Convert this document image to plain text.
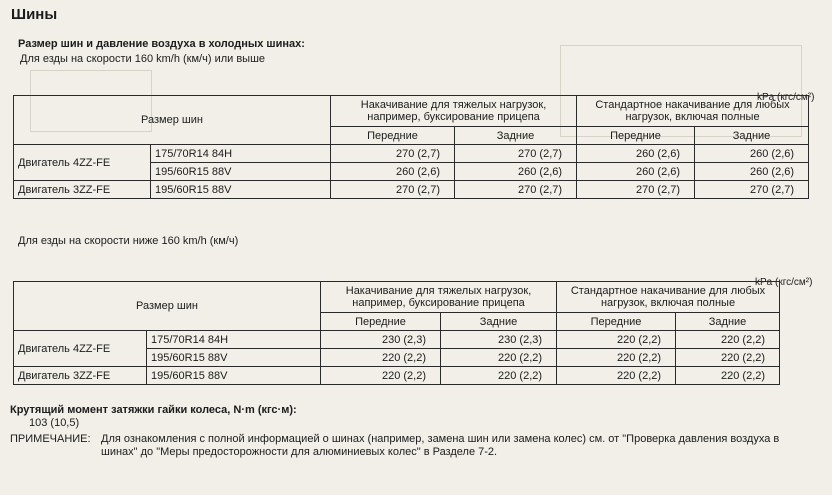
Шины
Размер шин и давление воздуха в холодных шинах:
Для езды на скорости 160 km/h (км/ч) или выше
kPa (кгс/см²)
Размер шин		Накачивание для тяжелых нагрузок, например, буксирование прицепа		Стандартное накачивание для любых нагрузок, включая полные	
		Передние	Задние	Передние	Задние
Двигатель 4ZZ-FE	175/70R14 84H	270 (2,7)	270 (2,7)	260 (2,6)	260 (2,6)
	195/60R15 88V	260 (2,6)	260 (2,6)	260 (2,6)	260 (2,6)
Двигатель 3ZZ-FE	195/60R15 88V	270 (2,7)	270 (2,7)	270 (2,7)	270 (2,7)
Для езды на скорости ниже 160 km/h (км/ч)
kPa (кгс/см²)
Размер шин		Накачивание для тяжелых нагрузок, например, буксирование прицепа		Стандартное накачивание для любых нагрузок, включая полные	
		Передние	Задние	Передние	Задние
Двигатель 4ZZ-FE	175/70R14 84H	230 (2,3)	230 (2,3)	220 (2,2)	220 (2,2)
	195/60R15 88V	220 (2,2)	220 (2,2)	220 (2,2)	220 (2,2)
Двигатель 3ZZ-FE	195/60R15 88V	220 (2,2)	220 (2,2)	220 (2,2)	220 (2,2)
Крутящий момент затяжки гайки колеса, N·m (кгс·м):
103 (10,5)
ПРИМЕЧАНИЕ: Для ознакомления с полной информацией о шинах (например, замена шин или замена колес) см. от "Проверка давления воздуха в шинах" до "Меры предосторожности для алюминиевых колес" в Разделе 7-2.
